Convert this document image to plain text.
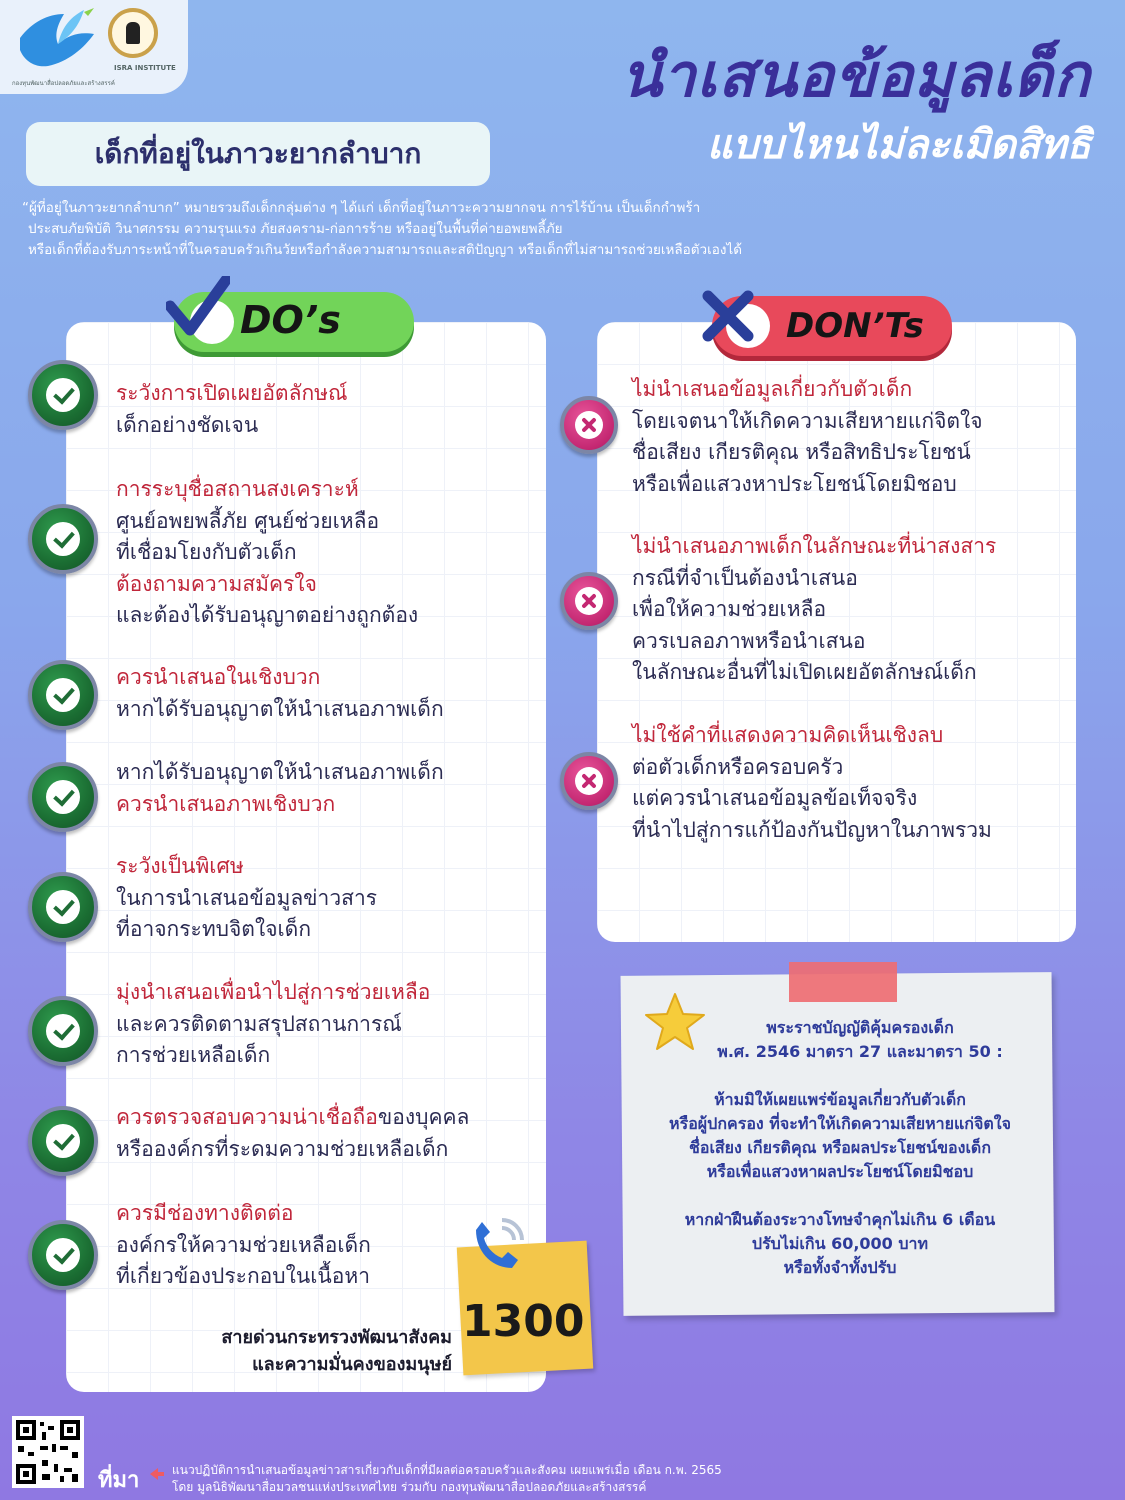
กองทุนพัฒนาสื่อปลอดภัยและสร้างสรรค์
ISRA INSTITUTE	นำเสนอข้อมูลเด็ก
แบบไหนไม่ละเมิดสิทธิ
เด็กที่อยู่ในภาวะยากลำบาก
“ผู้ที่อยู่ในภาวะยากลำบาก” หมายรวมถึงเด็กกลุ่มต่าง ๆ ได้แก่ เด็กที่อยู่ในภาวะความยากจน การไร้บ้าน เป็นเด็กกำพร้า
ประสบภัยพิบัติ วินาศกรรม ความรุนแรง ภัยสงคราม-ก่อการร้าย หรืออยู่ในพื้นที่ค่ายอพยพลี้ภัย
หรือเด็กที่ต้องรับภาระหน้าที่ในครอบครัวเกินวัยหรือกำลังความสามารถและสติปัญญา หรือเด็กที่ไม่สามารถช่วยเหลือตัวเองได้
DO’s	DON’Ts
ระวังการเปิดเผยอัตลักษณ์
เด็กอย่างชัดเจน
การระบุชื่อสถานสงเคราะห์
ศูนย์อพยพลี้ภัย ศูนย์ช่วยเหลือ
ที่เชื่อมโยงกับตัวเด็ก
ต้องถามความสมัครใจ
และต้องได้รับอนุญาตอย่างถูกต้อง
ควรนำเสนอในเชิงบวก
หากได้รับอนุญาตให้นำเสนอภาพเด็ก
หากได้รับอนุญาตให้นำเสนอภาพเด็ก
ควรนำเสนอภาพเชิงบวก
ระวังเป็นพิเศษ
ในการนำเสนอข้อมูลข่าวสาร
ที่อาจกระทบจิตใจเด็ก
มุ่งนำเสนอเพื่อนำไปสู่การช่วยเหลือ
และควรติดตามสรุปสถานการณ์
การช่วยเหลือเด็ก
ควรตรวจสอบความน่าเชื่อถือของบุคคล
หรือองค์กรที่ระดมความช่วยเหลือเด็ก
ควรมีช่องทางติดต่อ
องค์กรให้ความช่วยเหลือเด็ก
ที่เกี่ยวข้องประกอบในเนื้อหา
1300
สายด่วนกระทรวงพัฒนาสังคม
และความมั่นคงของมนุษย์
ไม่นำเสนอข้อมูลเกี่ยวกับตัวเด็ก
โดยเจตนาให้เกิดความเสียหายแก่จิตใจ
ชื่อเสียง เกียรติคุณ หรือสิทธิประโยชน์
หรือเพื่อแสวงหาประโยชน์โดยมิชอบ
ไม่นำเสนอภาพเด็กในลักษณะที่น่าสงสาร
กรณีที่จำเป็นต้องนำเสนอ
เพื่อให้ความช่วยเหลือ
ควรเบลอภาพหรือนำเสนอ
ในลักษณะอื่นที่ไม่เปิดเผยอัตลักษณ์เด็ก
ไม่ใช้คำที่แสดงความคิดเห็นเชิงลบ
ต่อตัวเด็กหรือครอบครัว
แต่ควรนำเสนอข้อมูลข้อเท็จจริง
ที่นำไปสู่การแก้ป้องกันปัญหาในภาพรวม
พระราชบัญญัติคุ้มครองเด็ก
พ.ศ. 2546 มาตรา 27 และมาตรา 50 :
ห้ามมิให้เผยแพร่ข้อมูลเกี่ยวกับตัวเด็ก
หรือผู้ปกครอง ที่จะทำให้เกิดความเสียหายแก่จิตใจ
ชื่อเสียง เกียรติคุณ หรือผลประโยชน์ของเด็ก
หรือเพื่อแสวงหาผลประโยชน์โดยมิชอบ
หากฝ่าฝืนต้องระวางโทษจำคุกไม่เกิน 6 เดือน
ปรับไม่เกิน 60,000 บาท
หรือทั้งจำทั้งปรับ
ที่มา	แนวปฏิบัติการนำเสนอข้อมูลข่าวสารเกี่ยวกับเด็กที่มีผลต่อครอบครัวและสังคม เผยแพร่เมื่อ เดือน ก.พ. 2565
โดย มูลนิธิพัฒนาสื่อมวลชนแห่งประเทศไทย ร่วมกับ กองทุนพัฒนาสื่อปลอดภัยและสร้างสรรค์
